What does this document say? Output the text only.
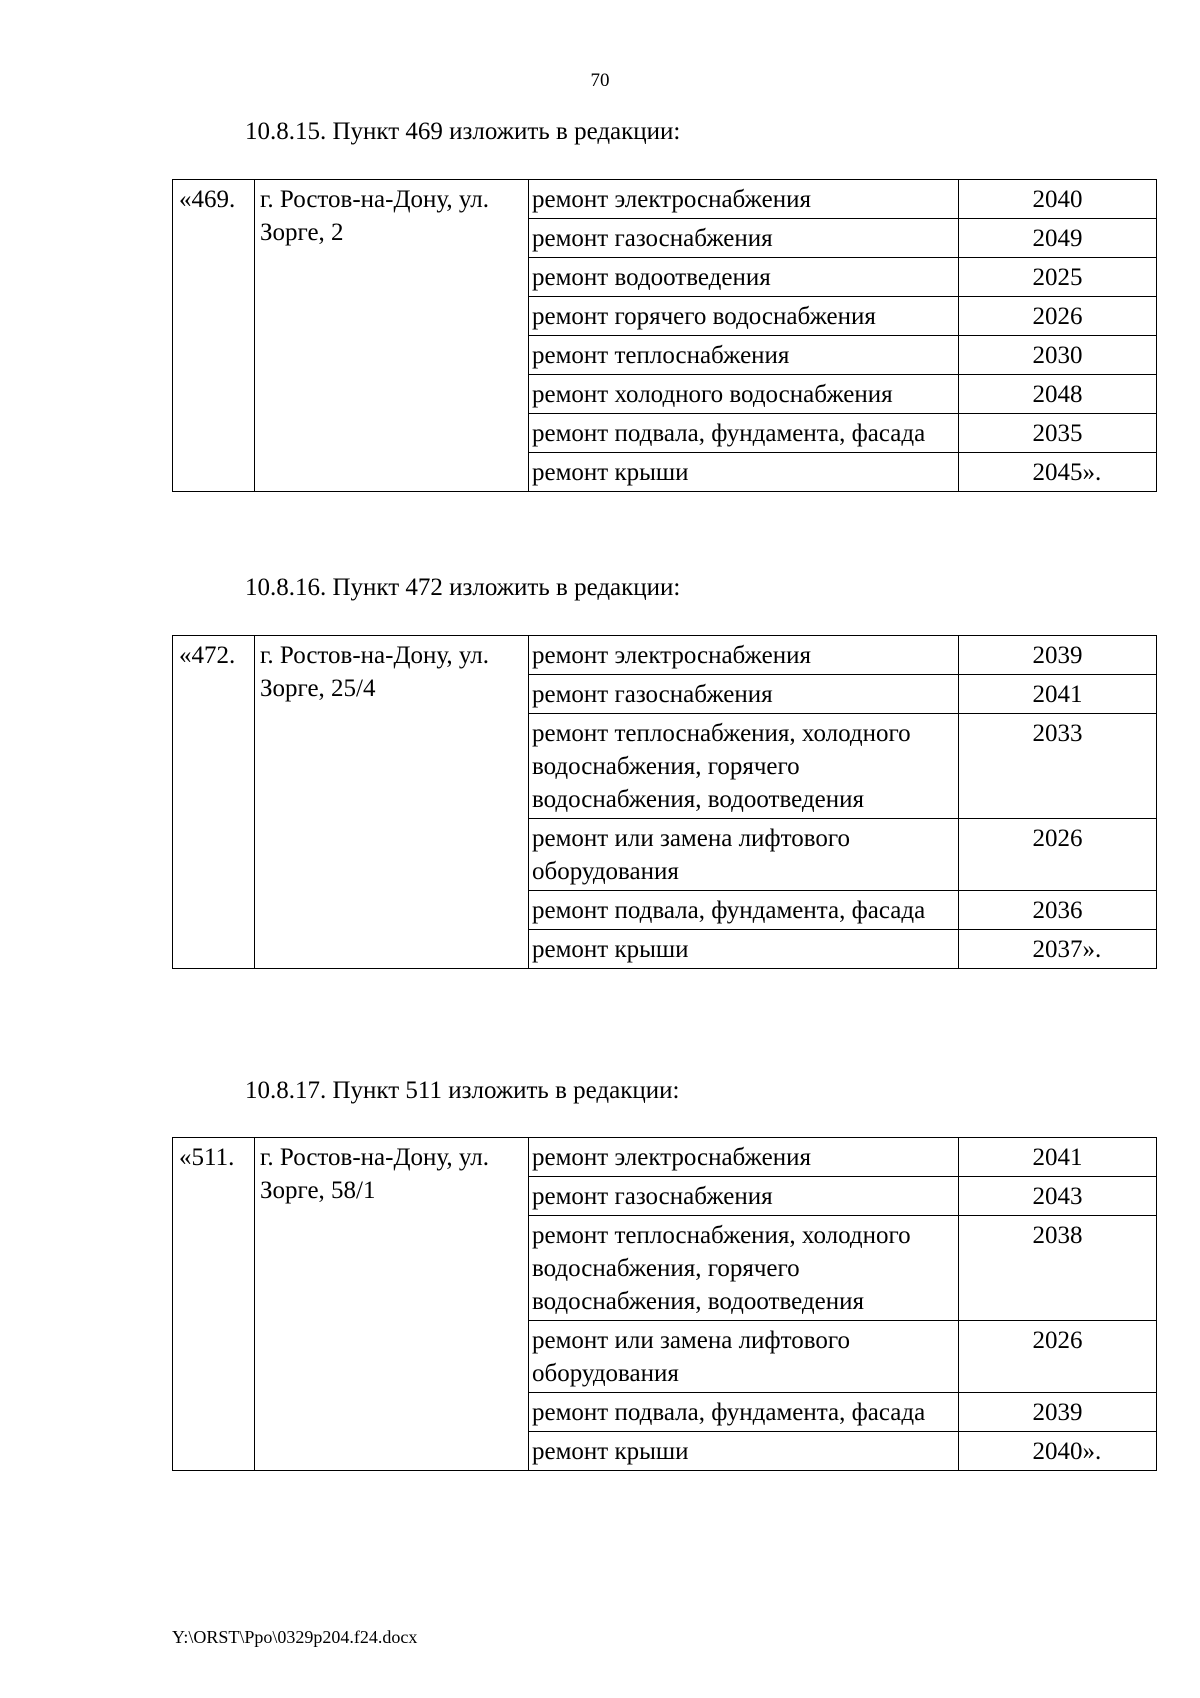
70
10.8.15. Пункт 469 изложить в редакции:
«469.	г. Ростов-на-Дону, ул. Зорге, 2	ремонт электроснабжения	2040
		ремонт газоснабжения	2049
		ремонт водоотведения	2025
		ремонт горячего водоснабжения	2026
		ремонт теплоснабжения	2030
		ремонт холодного водоснабжения	2048
		ремонт подвала, фундамента, фасада	2035
		ремонт крыши	2045 ».
10.8.16. Пункт 472 изложить в редакции:
«472.	г. Ростов-на-Дону, ул. Зорге, 25/4	ремонт электроснабжения	2039
		ремонт газоснабжения	2041
		ремонт теплоснабжения, холодного водоснабжения, горячего водоснабжения, водоотведения	2033
		ремонт или замена лифтового оборудования	2026
		ремонт подвала, фундамента, фасада	2036
		ремонт крыши	2037 ».
10.8.17. Пункт 511 изложить в редакции:
«511.	г. Ростов-на-Дону, ул. Зорге, 58/1	ремонт электроснабжения	2041
		ремонт газоснабжения	2043
		ремонт теплоснабжения, холодного водоснабжения, горячего водоснабжения, водоотведения	2038
		ремонт или замена лифтового оборудования	2026
		ремонт подвала, фундамента, фасада	2039
		ремонт крыши	2040 ».
Y:\ORST\Ppo\0329p204.f24.docx
